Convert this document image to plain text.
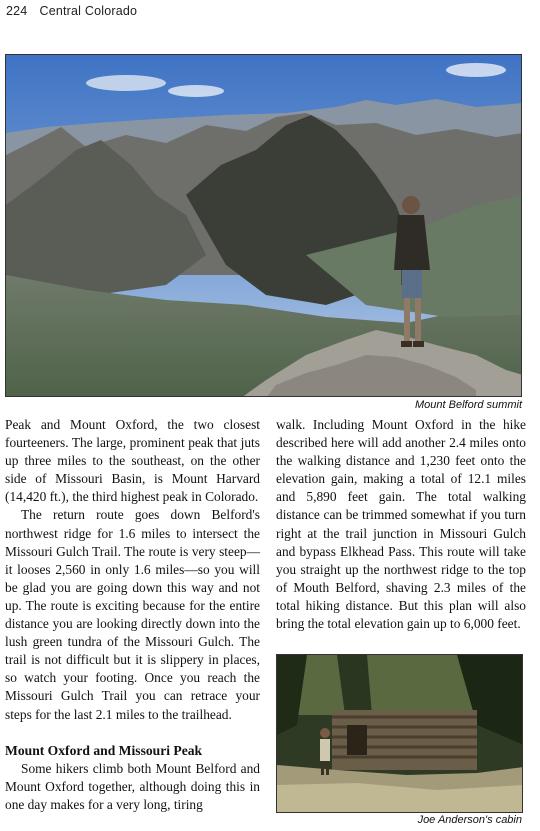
224 Central Colorado
Mount Belford summit

Peak and Mount Oxford, the two closest fourteeners. The large, prominent peak that juts up three miles to the southeast, on the other side of Missouri Basin, is Mount Harvard (14,420 ft.), the third highest peak in Colorado.

The return route goes down Belford's northwest ridge for 1.6 miles to intersect the Missouri Gulch Trail. The route is very steep—it looses 2,560 in only 1.6 miles—so you will be glad you are going down this way and not up. The route is exciting because for the entire distance you are looking directly down into the lush green tundra of the Missouri Gulch. The trail is not difficult but it is slippery in places, so watch your footing. Once you reach the Missouri Gulch Trail you can retrace your steps for the last 2.1 miles to the trailhead.

Mount Oxford and Missouri Peak

Some hikers climb both Mount Belford and Mount Oxford together, although doing this in one day makes for a very long, tiring

walk. Including Mount Oxford in the hike described here will add another 2.4 miles onto the walking distance and 1,230 feet onto the elevation gain, making a total of 12.1 miles and 5,890 feet gain. The total walking distance can be trimmed somewhat if you turn right at the trail junction in Missouri Gulch and bypass Elkhead Pass. This route will take you straight up the northwest ridge to the top of Mouth Belford, shaving 2.3 miles of the total hiking distance. But this plan will also bring the total elevation gain up to 6,000 feet.

Joe Anderson's cabin
